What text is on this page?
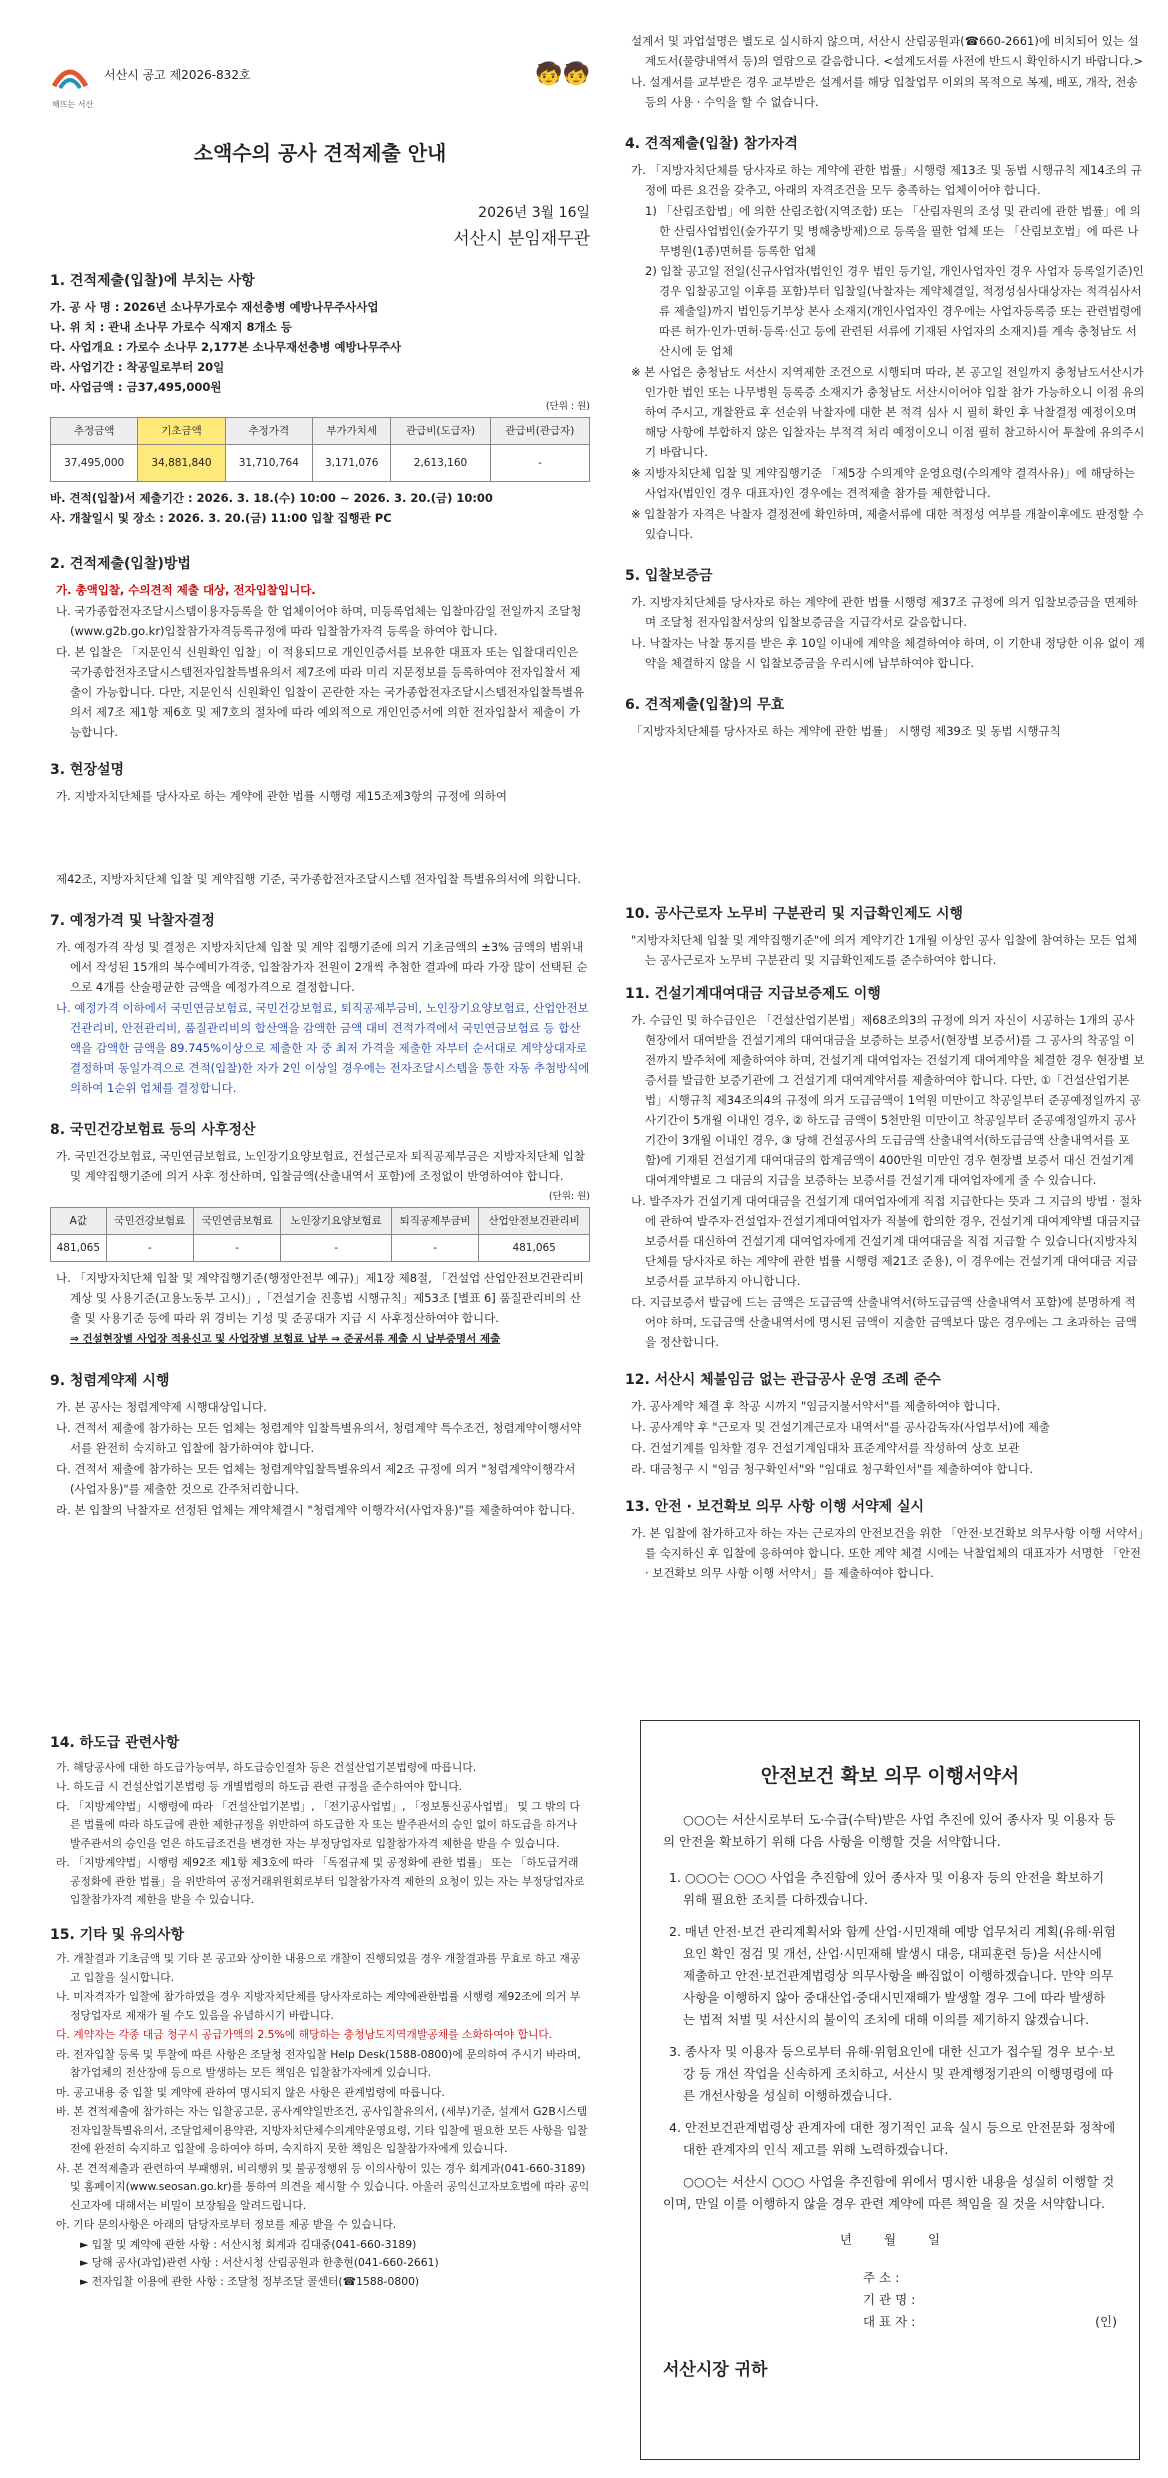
서산시 공고 제2026-832호	🧒🧒
해뜨는 서산
소액수의 공사 견적제출 안내
2026년 3월 16일
서산시 분임재무관
1. 견적제출(입찰)에 부치는 사항
가. 공 사 명 : 2026년 소나무가로수 재선충병 예방나무주사사업
나. 위 치 : 관내 소나무 가로수 식재지 8개소 등
다. 사업개요 : 가로수 소나무 2,177본 소나무재선충병 예방나무주사
라. 사업기간 : 착공일로부터 20일
마. 사업금액 : 금37,495,000원
(단위 : 원)
추정금액	기초금액	추정가격	부가가치세	관급비(도급자)	관급비(관급자)
37,495,000	34,881,840	31,710,764	3,171,076	2,613,160	-
바. 견적(입찰)서 제출기간 : 2026. 3. 18.(수) 10:00 ~ 2026. 3. 20.(금) 10:00
사. 개찰일시 및 장소 : 2026. 3. 20.(금) 11:00 입찰 집행관 PC
2. 견적제출(입찰)방법
가. 총액입찰, 수의견적 제출 대상, 전자입찰입니다.
나. 국가종합전자조달시스템이용자등록을 한 업체이어야 하며, 미등록업체는 입찰마감일 전일까지 조달청(www.g2b.go.kr)입찰참가자격등록규정에 따라 입찰참가자격 등록을 하여야 합니다.
다. 본 입찰은 「지문인식 신원확인 입찰」이 적용되므로 개인인증서를 보유한 대표자 또는 입찰대리인은 국가종합전자조달시스템전자입찰특별유의서 제7조에 따라 미리 지문정보를 등록하여야 전자입찰서 제출이 가능합니다. 다만, 지문인식 신원확인 입찰이 곤란한 자는 국가종합전자조달시스템전자입찰특별유의서 제7조 제1항 제6호 및 제7호의 절차에 따라 예외적으로 개인인증서에 의한 전자입찰서 제출이 가능합니다.
3. 현장설명
가. 지방자치단체를 당사자로 하는 계약에 관한 법률 시행령 제15조제3항의 규정에 의하여
설계서 및 과업설명은 별도로 실시하지 않으며, 서산시 산림공원과(☎660-2661)에 비치되어 있는 설계도서(물량내역서 등)의 열람으로 갈음합니다. <설계도서를 사전에 반드시 확인하시기 바랍니다.>
나. 설계서를 교부받은 경우 교부받은 설계서를 해당 입찰업무 이외의 목적으로 복제, 배포, 개작, 전송 등의 사용 · 수익을 할 수 없습니다.
4. 견적제출(입찰) 참가자격
가. 「지방자치단체를 당사자로 하는 계약에 관한 법률」시행령 제13조 및 동법 시행규칙 제14조의 규정에 따른 요건을 갖추고, 아래의 자격조건을 모두 충족하는 업체이어야 합니다.
1) 「산림조합법」에 의한 산림조합(지역조합) 또는 「산림자원의 조성 및 관리에 관한 법률」에 의한 산림사업법인(숲가꾸기 및 병해충방제)으로 등록을 필한 업체 또는 「산림보호법」에 따른 나무병원(1종)면허를 등록한 업체
2) 입찰 공고일 전일(신규사업자(법인인 경우 법인 등기일, 개인사업자인 경우 사업자 등록일기준)인 경우 입찰공고일 이후를 포함)부터 입찰일(낙찰자는 계약체결일, 적정성심사대상자는 적격심사서류 제출일)까지 법인등기부상 본사 소재지(개인사업자인 경우에는 사업자등록증 또는 관련법령에 따른 허가·인가·면허·등록·신고 등에 관련된 서류에 기재된 사업자의 소재지)를 계속 충청남도 서산시에 둔 업체
※ 본 사업은 충청남도 서산시 지역제한 조건으로 시행되며 따라, 본 공고일 전일까지 충청남도서산시가 인가한 법인 또는 나무병원 등록증 소재지가 충청남도 서산시이어야 입찰 참가 가능하오니 이점 유의하여 주시고, 개찰완료 후 선순위 낙찰자에 대한 본 적격 심사 시 필히 확인 후 낙찰결정 예정이오며 해당 사항에 부합하지 않은 입찰자는 부적격 처리 예정이오니 이점 필히 참고하시어 투찰에 유의주시기 바랍니다.
※ 지방자치단체 입찰 및 계약집행기준 「제5장 수의계약 운영요령(수의계약 결격사유)」에 해당하는 사업자(법인인 경우 대표자)인 경우에는 견적제출 참가를 제한합니다.
※ 입찰참가 자격은 낙찰자 결정전에 확인하며, 제출서류에 대한 적정성 여부를 개찰이후에도 판정할 수 있습니다.
5. 입찰보증금
가. 지방자치단체를 당사자로 하는 계약에 관한 법률 시행령 제37조 규정에 의거 입찰보증금을 면제하며 조달청 전자입찰서상의 입찰보증금을 지급각서로 갈음합니다.
나. 낙찰자는 낙찰 통지를 받은 후 10일 이내에 계약을 체결하여야 하며, 이 기한내 정당한 이유 없이 계약을 체결하지 않을 시 입찰보증금을 우리시에 납부하여야 합니다.
6. 견적제출(입찰)의 무효
「지방자치단체를 당사자로 하는 계약에 관한 법률」 시행령 제39조 및 동법 시행규칙
제42조, 지방자치단체 입찰 및 계약집행 기준, 국가종합전자조달시스템 전자입찰 특별유의서에 의합니다.
7. 예정가격 및 낙찰자결정
가. 예정가격 작성 및 결정은 지방자치단체 입찰 및 계약 집행기준에 의거 기초금액의 ±3% 금액의 범위내에서 작성된 15개의 복수예비가격중, 입찰참가자 전원이 2개씩 추첨한 결과에 따라 가장 많이 선택된 순으로 4개를 산술평균한 금액을 예정가격으로 결정합니다.
나. 예정가격 이하에서 국민연금보험료, 국민건강보험료, 퇴직공제부금비, 노인장기요양보험료, 산업안전보건관리비, 안전관리비, 품질관리비의 합산액을 감액한 금액 대비 견적가격에서 국민연금보험료 등 합산액을 감액한 금액을 89.745%이상으로 제출한 자 중 최저 가격을 제출한 자부터 순서대로 계약상대자로 결정하며 동일가격으로 견적(입찰)한 자가 2인 이상일 경우에는 전자조달시스템을 통한 자동 추첨방식에 의하여 1순위 업체를 결정합니다.
8. 국민건강보험료 등의 사후정산
가. 국민건강보험료, 국민연금보험료, 노인장기요양보험료, 건설근로자 퇴직공제부금은 지방자치단체 입찰 및 계약집행기준에 의거 사후 정산하며, 입찰금액(산출내역서 포함)에 조정없이 반영하여야 합니다.
(단위: 원)
A값	국민건강보험료	국민연금보험료	노인장기요양보험료	퇴직공제부금비	산업안전보건관리비
481,065	-	-	-	-	481,065
나. 「지방자치단체 입찰 및 계약집행기준(행정안전부 예규)」제1장 제8절, 「건설업 산업안전보건관리비 계상 및 사용기준(고용노동부 고시)」,「건설기술 진흥법 시행규칙」제53조 [별표 6] 품질관리비의 산출 및 사용기준 등에 따라 위 경비는 기성 및 준공대가 지급 시 사후정산하여야 합니다.
⇒ 건설현장별 사업장 적용신고 및 사업장별 보험료 납부 ⇒ 준공서류 제출 시 납부증명서 제출
9. 청렴계약제 시행
가. 본 공사는 청렴계약제 시행대상입니다.
나. 견적서 제출에 참가하는 모든 업체는 청렴계약 입찰특별유의서, 청렴계약 특수조건, 청렴계약이행서약서를 완전히 숙지하고 입찰에 참가하여야 합니다.
다. 견적서 제출에 참가하는 모든 업체는 청렴계약입찰특별유의서 제2조 규정에 의거 "청렴계약이행각서(사업자용)"를 제출한 것으로 간주처리합니다.
라. 본 입찰의 낙찰자로 선정된 업체는 계약체결시 "청렴계약 이행각서(사업자용)"를 제출하여야 합니다.
10. 공사근로자 노무비 구분관리 및 지급확인제도 시행
"지방자치단체 입찰 및 계약집행기준"에 의거 계약기간 1개월 이상인 공사 입찰에 참여하는 모든 업체는 공사근로자 노무비 구분관리 및 지급확인제도를 준수하여야 합니다.
11. 건설기계대여대금 지급보증제도 이행
가. 수급인 및 하수급인은 「건설산업기본법」제68조의3의 규정에 의거 자신이 시공하는 1개의 공사현장에서 대여받을 건설기계의 대여대금을 보증하는 보증서(현장별 보증서)를 그 공사의 착공일 이전까지 발주처에 제출하여야 하며, 건설기계 대여업자는 건설기계 대여계약을 체결한 경우 현장별 보증서를 발급한 보증기관에 그 건설기계 대여계약서를 제출하여야 합니다. 다만, ①「건설산업기본법」시행규칙 제34조의4의 규정에 의거 도급금액이 1억원 미만이고 착공일부터 준공예정일까지 공사기간이 5개월 이내인 경우, ② 하도급 금액이 5천만원 미만이고 착공일부터 준공예정일까지 공사기간이 3개월 이내인 경우, ③ 당해 건설공사의 도급금액 산출내역서(하도급금액 산출내역서를 포함)에 기재된 건설기계 대여대금의 합계금액이 400만원 미만인 경우 현장별 보증서 대신 건설기계 대여계약별로 그 대금의 지급을 보증하는 보증서를 건설기계 대여업자에게 줄 수 있습니다.
나. 발주자가 건설기계 대여대금을 건설기계 대여업자에게 직접 지급한다는 뜻과 그 지급의 방법 · 절차에 관하여 발주자·건설업자·건설기계대여업자가 직불에 합의한 경우, 건설기계 대여계약별 대금지급 보증서를 대신하여 건설기계 대여업자에게 건설기계 대여대금을 직접 지급할 수 있습니다(지방자치단체를 당사자로 하는 계약에 관한 법률 시행령 제21조 준용), 이 경우에는 건설기계 대여대금 지급보증서를 교부하지 아니합니다.
다. 지급보증서 발급에 드는 금액은 도급금액 산출내역서(하도급금액 산출내역서 포함)에 분명하게 적어야 하며, 도급금액 산출내역서에 명시된 금액이 지출한 금액보다 많은 경우에는 그 초과하는 금액을 정산합니다.
12. 서산시 체불임금 없는 관급공사 운영 조례 준수
가. 공사계약 체결 후 착공 시까지 "임금지불서약서"를 제출하여야 합니다.
나. 공사계약 후 "근로자 및 건설기계근로자 내역서"를 공사감독자(사업부서)에 제출
다. 건설기계를 임차할 경우 건설기계임대차 표준계약서를 작성하여 상호 보관
라. 대금청구 시 "임금 청구확인서"와 "임대료 청구확인서"를 제출하여야 합니다.
13. 안전 · 보건확보 의무 사항 이행 서약제 실시
가. 본 입찰에 참가하고자 하는 자는 근로자의 안전보건을 위한 「안전·보건확보 의무사항 이행 서약서」를 숙지하신 후 입찰에 응하여야 합니다. 또한 계약 체결 시에는 낙찰업체의 대표자가 서명한 「안전 · 보건확보 의무 사항 이행 서약서」를 제출하여야 합니다.
14. 하도급 관련사항
가. 해당공사에 대한 하도급가능여부, 하도급승인절차 등은 건설산업기본법령에 따릅니다.
나. 하도급 시 건설산업기본법령 등 개별법령의 하도급 관련 규정을 준수하여야 합니다.
다. 「지방계약법」시행령에 따라 「건설산업기본법」, 「전기공사업법」, 「정보통신공사업법」 및 그 밖의 다른 법률에 따라 하도급에 관한 제한규정을 위반하여 하도급한 자 또는 발주관서의 승인 없이 하도급을 하거나 발주관서의 승인을 얻은 하도급조건을 변경한 자는 부정당업자로 입찰참가자격 제한을 받을 수 있습니다.
라. 「지방계약법」시행령 제92조 제1항 제3호에 따라 「독점규제 및 공정화에 관한 법률」 또는 「하도급거래 공정화에 관한 법률」을 위반하여 공정거래위원회로부터 입찰참가자격 제한의 요청이 있는 자는 부정당업자로 입찰참가자격 제한을 받을 수 있습니다.
15. 기타 및 유의사항
가. 개찰결과 기초금액 및 기타 본 공고와 상이한 내용으로 개찰이 진행되었을 경우 개찰결과를 무효로 하고 재공고 입찰을 실시합니다.
나. 미자격자가 입찰에 참가하였을 경우 지방자치단체를 당사자로하는 계약에관한법률 시행령 제92조에 의거 부정당업자로 제재가 될 수도 있음을 유념하시기 바랍니다.
다. 계약자는 각종 대금 청구시 공급가액의 2.5%에 해당하는 충청남도지역개발공채를 소화하여야 합니다.
라. 전자입찰 등록 및 투찰에 따른 사항은 조달청 전자입찰 Help Desk(1588-0800)에 문의하여 주시기 바라며, 참가업체의 전산장애 등으로 발생하는 모든 책임은 입찰참가자에게 있습니다.
마. 공고내용 중 입찰 및 계약에 관하여 명시되지 않은 사항은 관계법령에 따릅니다.
바. 본 견적제출에 참가하는 자는 입찰공고문, 공사계약일반조건, 공사입찰유의서, (세부)기준, 설계서 G2B시스템전자입찰특별유의서, 조달업체이용약관, 지방자치단체수의계약운영요령, 기타 입찰에 필요한 모든 사항을 입찰전에 완전히 숙지하고 입찰에 응하여야 하며, 숙지하지 못한 책임은 입찰참가자에게 있습니다.
사. 본 견적제출과 관련하여 부패행위, 비리행위 및 불공정행위 등 이의사항이 있는 경우 회계과(041-660-3189) 및 홈페이지(www.seosan.go.kr)를 통하여 의견을 제시할 수 있습니다. 아울러 공익신고자보호법에 따라 공익신고자에 대해서는 비밀이 보장됨을 알려드립니다.
아. 기타 문의사항은 아래의 담당자로부터 정보를 제공 받을 수 있습니다.
► 입찰 및 계약에 관한 사항 : 서산시청 회계과 김대중(041-660-3189)
► 당해 공사(과업)관련 사항 : 서산시청 산림공원과 한총현(041-660-2661)
► 전자입찰 이용에 관한 사항 : 조달청 정부조달 콜센터(☎1588-0800)
안전보건 확보 의무 이행서약서
○○○는 서산시로부터 도·수급(수탁)받은 사업 추진에 있어 종사자 및 이용자 등의 안전을 확보하기 위해 다음 사항을 이행할 것을 서약합니다.
1. ○○○는 ○○○ 사업을 추진함에 있어 종사자 및 이용자 등의 안전을 확보하기 위해 필요한 조치를 다하겠습니다.
2. 매년 안전·보건 관리계획서와 함께 산업·시민재해 예방 업무처리 계획(유해·위험요인 확인 점검 및 개선, 산업·시민재해 발생시 대응, 대피훈련 등)을 서산시에 제출하고 안전·보건관계법령상 의무사항을 빠짐없이 이행하겠습니다. 만약 의무사항을 이행하지 않아 중대산업·중대시민재해가 발생할 경우 그에 따라 발생하는 법적 처벌 및 서산시의 불이익 조치에 대해 이의를 제기하지 않겠습니다.
3. 종사자 및 이용자 등으로부터 유해·위험요인에 대한 신고가 접수될 경우 보수·보강 등 개선 작업을 신속하게 조치하고, 서산시 및 관계행정기관의 이행명령에 따른 개선사항을 성실히 이행하겠습니다.
4. 안전보건관계법령상 관계자에 대한 정기적인 교육 실시 등으로 안전문화 정착에 대한 관계자의 인식 제고를 위해 노력하겠습니다.
○○○는 서산시 ○○○ 사업을 추진함에 위에서 명시한 내용을 성실히 이행할 것이며, 만일 이를 이행하지 않을 경우 관련 계약에 따른 책임을 질 것을 서약합니다.
년 월 일
주 소 :
기 관 명 :
대 표 자 :	(인)
서산시장 귀하
